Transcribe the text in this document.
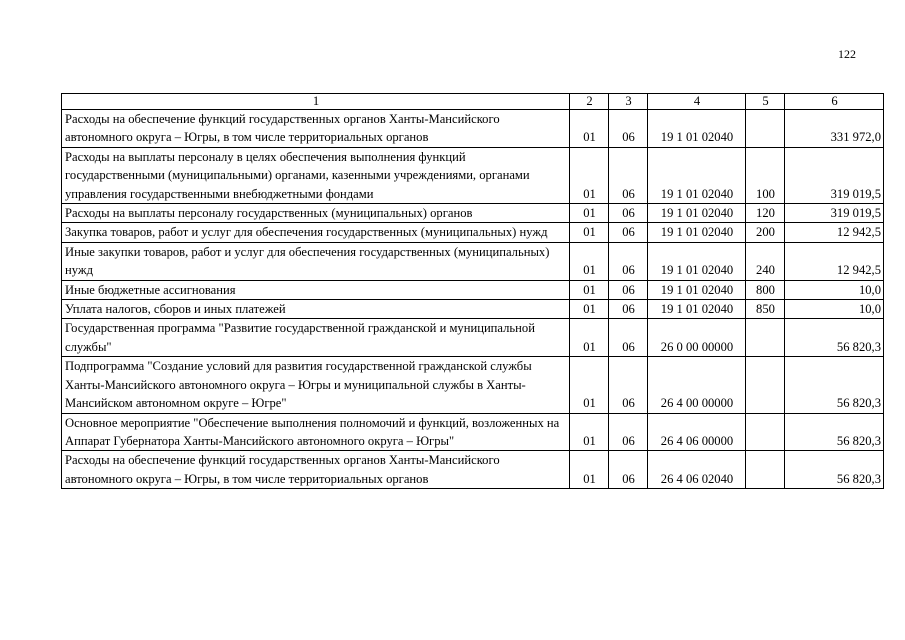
122
1	2	3	4	5	6
Расходы на обеспечение функций государственных органов Ханты-Мансийского автономного округа – Югры, в том числе территориальных органов	01	06	19 1 01 02040		331 972,0
Расходы на выплаты персоналу в целях обеспечения выполнения функций государственными (муниципальными) органами, казенными учреждениями, органами управления государственными внебюджетными фондами	01	06	19 1 01 02040	100	319 019,5
Расходы на выплаты персоналу государственных (муниципальных) органов	01	06	19 1 01 02040	120	319 019,5
Закупка товаров, работ и услуг для обеспечения государственных (муниципальных) нужд	01	06	19 1 01 02040	200	12 942,5
Иные закупки товаров, работ и услуг для обеспечения государственных (муниципальных) нужд	01	06	19 1 01 02040	240	12 942,5
Иные бюджетные ассигнования	01	06	19 1 01 02040	800	10,0
Уплата налогов, сборов и иных платежей	01	06	19 1 01 02040	850	10,0
Государственная программа "Развитие государственной гражданской и муниципальной службы"	01	06	26 0 00 00000		56 820,3
Подпрограмма "Создание условий для развития государственной гражданской службы Ханты-Мансийского автономного округа – Югры и муниципальной службы в Ханты-Мансийском автономном округе – Югре"	01	06	26 4 00 00000		56 820,3
Основное мероприятие "Обеспечение выполнения полномочий и функций, возложенных на Аппарат Губернатора Ханты-Мансийского автономного округа – Югры"	01	06	26 4 06 00000		56 820,3
Расходы на обеспечение функций государственных органов Ханты-Мансийского автономного округа – Югры, в том числе территориальных органов	01	06	26 4 06 02040		56 820,3
